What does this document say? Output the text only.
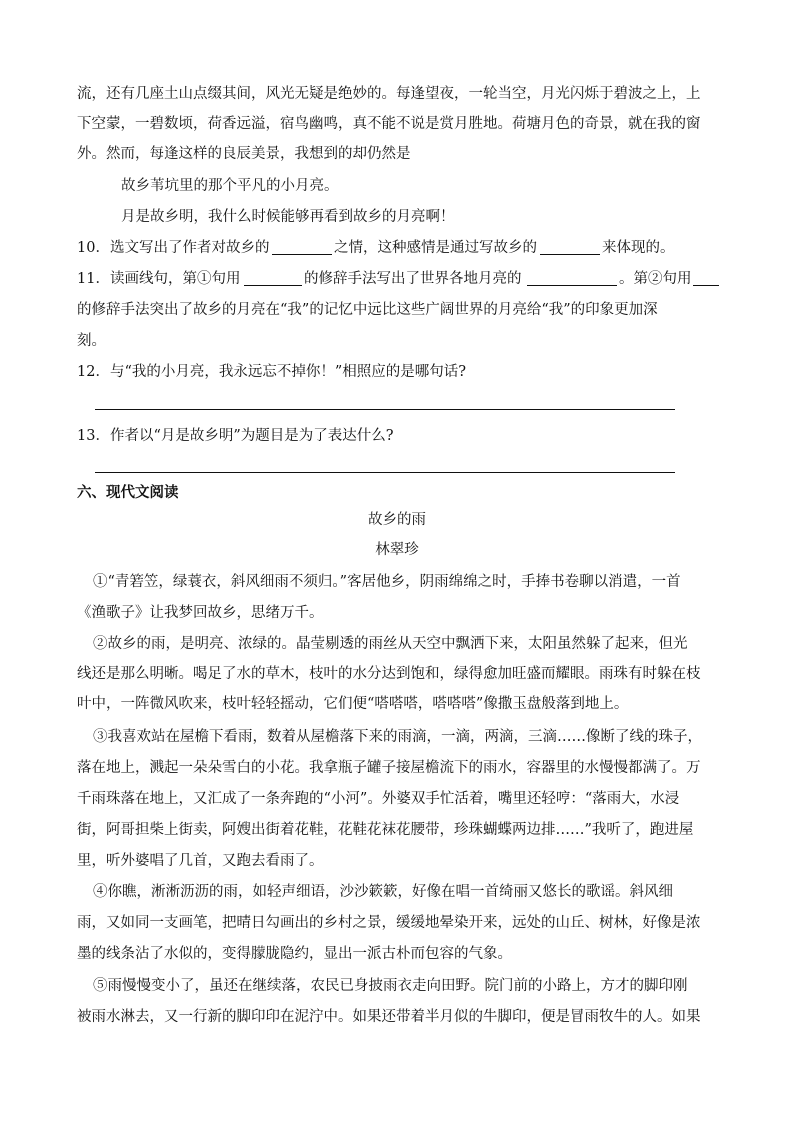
流，还有几座土山点缀其间，风光无疑是绝妙的。每逢望夜，一轮当空，月光闪烁于碧波之上，上
下空蒙，一碧数顷，荷香远溢，宿鸟幽鸣，真不能不说是赏月胜地。荷塘月色的奇景，就在我的窗
外。然而，每逢这样的良辰美景，我想到的却仍然是
故乡苇坑里的那个平凡的小月亮。
月是故乡明，我什么时候能够再看到故乡的月亮啊！
10．选文写出了作者对故乡的	之情，这种感情是通过写故乡的	来体现的。
11．读画线句，第①句用	的修辞手法写出了世界各地月亮的	。第②句用
的修辞手法突出了故乡的月亮在“我”的记忆中远比这些广阔世界的月亮给“我”的印象更加深
刻。
12．与“我的小月亮，我永远忘不掉你！”相照应的是哪句话?
13．作者以“月是故乡明”为题目是为了表达什么?
六、现代文阅读
故乡的雨
林翠珍
①“青箬笠，绿蓑衣，斜风细雨不须归。”客居他乡，阴雨绵绵之时，手捧书卷聊以消遣，一首
《渔歌子》让我梦回故乡，思绪万千。
②故乡的雨，是明亮、浓绿的。晶莹剔透的雨丝从天空中飘洒下来，太阳虽然躲了起来，但光
线还是那么明晰。喝足了水的草木，枝叶的水分达到饱和，绿得愈加旺盛而耀眼。雨珠有时躲在枝
叶中，一阵微风吹来，枝叶轻轻摇动，它们便“嗒嗒嗒，嗒嗒嗒”像撒玉盘般落到地上。
③我喜欢站在屋檐下看雨，数着从屋檐落下来的雨滴，一滴，两滴，三滴……像断了线的珠子，
落在地上，溅起一朵朵雪白的小花。我拿瓶子罐子接屋檐流下的雨水，容器里的水慢慢都满了。万
千雨珠落在地上，又汇成了一条奔跑的“小河”。外婆双手忙活着，嘴里还轻哼：“落雨大，水浸
街，阿哥担柴上街卖，阿嫂出街着花鞋，花鞋花袜花腰带，珍珠蝴蝶两边排……”我听了，跑进屋
里，听外婆唱了几首，又跑去看雨了。
④你瞧，淅淅沥沥的雨，如轻声细语，沙沙簌簌，好像在唱一首绮丽又悠长的歌谣。斜风细
雨，又如同一支画笔，把晴日勾画出的乡村之景，缓缓地晕染开来，远处的山丘、树林，好像是浓
墨的线条沾了水似的，变得朦胧隐约，显出一派古朴而包容的气象。
⑤雨慢慢变小了，虽还在继续落，农民已身披雨衣走向田野。院门前的小路上，方才的脚印刚
被雨水淋去，又一行新的脚印印在泥泞中。如果还带着半月似的牛脚印，便是冒雨牧牛的人。如果
